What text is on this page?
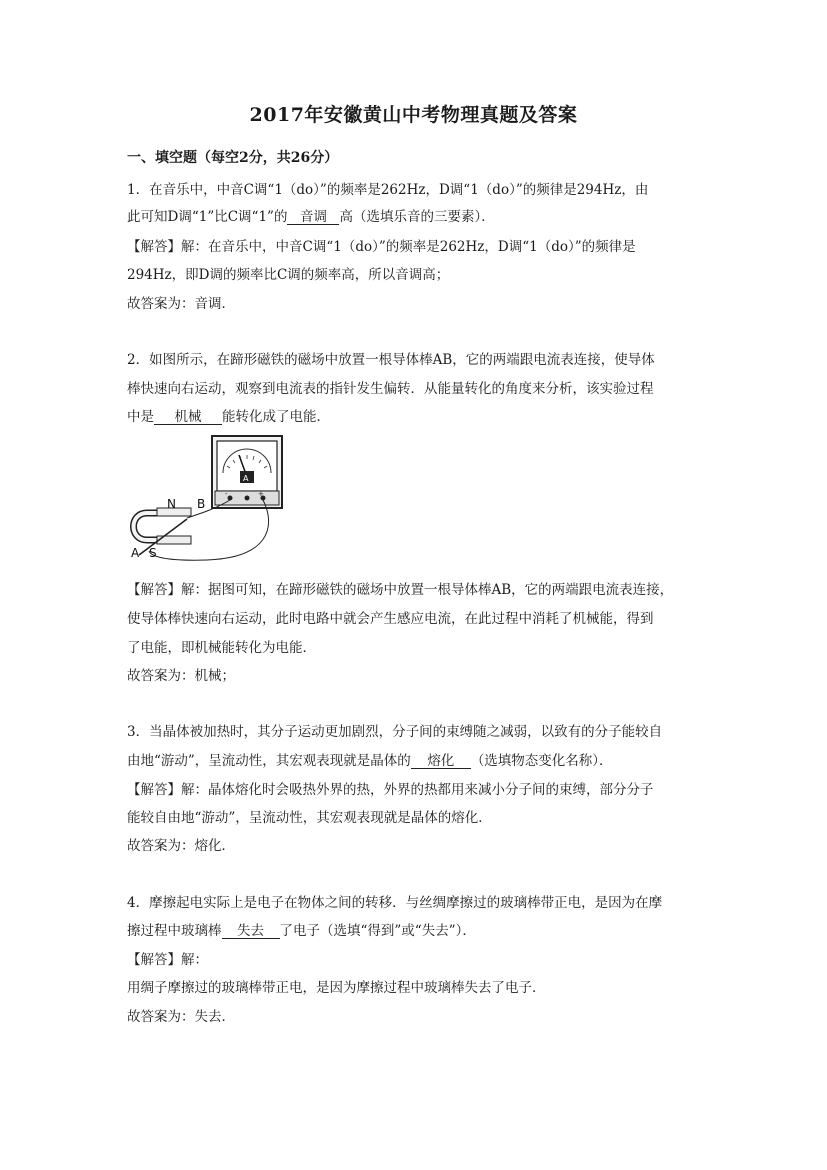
2017年安徽黄山中考物理真题及答案
一、填空题（每空2分，共26分）
1．在音乐中，中音C调“1（do）”的频率是262Hz，D调“1（do）”的频律是294Hz，由
此可知D调“1”比C调“1”的 音调 高（选填乐音的三要素）．
【解答】解：在音乐中，中音C调“1（do）”的频率是262Hz，D调“1（do）”的频律是
294Hz，即D调的频率比C调的频率高，所以音调高；
故答案为：音调．
2．如图所示，在蹄形磁铁的磁场中放置一根导体棒AB，它的两端跟电流表连接，使导体
棒快速向右运动，观察到电流表的指针发生偏转．从能量转化的角度来分析，该实验过程
中是 机械 能转化成了电能．
A
-	+
N B
A S
【解答】解：据图可知，在蹄形磁铁的磁场中放置一根导体棒AB，它的两端跟电流表连接，
使导体棒快速向右运动，此时电路中就会产生感应电流，在此过程中消耗了机械能，得到
了电能，即机械能转化为电能．
故答案为：机械；
3．当晶体被加热时，其分子运动更加剧烈，分子间的束缚随之减弱，以致有的分子能较自
由地“游动”，呈流动性，其宏观表现就是晶体的 熔化 （选填物态变化名称）．
【解答】解：晶体熔化时会吸热外界的热，外界的热都用来减小分子间的束缚，部分分子
能较自由地“游动”，呈流动性，其宏观表现就是晶体的熔化．
故答案为：熔化．
4．摩擦起电实际上是电子在物体之间的转移．与丝绸摩擦过的玻璃棒带正电，是因为在摩
擦过程中玻璃棒 失去 了电子（选填“得到”或“失去”）．
【解答】解：
用绸子摩擦过的玻璃棒带正电，是因为摩擦过程中玻璃棒失去了电子．
故答案为：失去．
